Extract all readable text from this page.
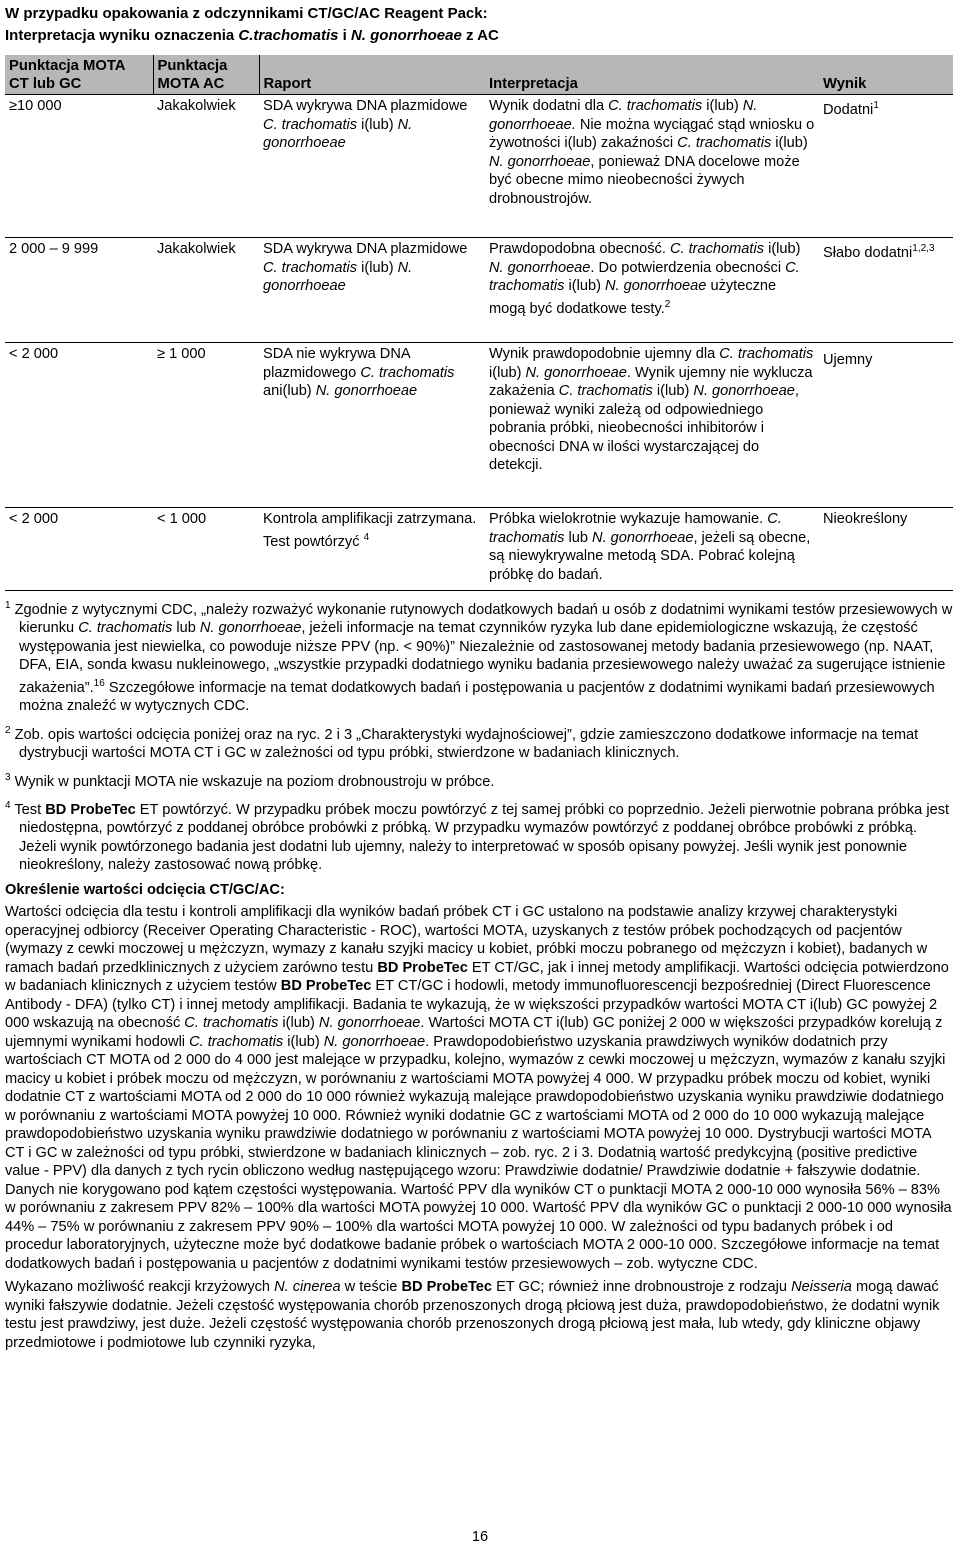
W przypadku opakowania z odczynnikami CT/GC/AC Reagent Pack:
Interpretacja wyniku oznaczenia C.trachomatis i N. gonorrhoeae z AC
Punktacja MOTA CT lub GC	Punktacja MOTA AC	Raport	Interpretacja	Wynik
≥10 000	Jakakolwiek	SDA wykrywa DNA plazmidowe C. trachomatis i(lub) N. gonorrhoeae	Wynik dodatni dla C. trachomatis i(lub) N. gonorrhoeae. Nie można wyciągać stąd wniosku o żywotności i(lub) zakaźności C. trachomatis i(lub) N. gonorrhoeae, ponieważ DNA docelowe może być obecne mimo nieobecności żywych drobnoustrojów.	Dodatni$^1$
2 000 – 9 999	Jakakolwiek	SDA wykrywa DNA plazmidowe C. trachomatis i(lub) N. gonorrhoeae	Prawdopodobna obecność. C. trachomatis i(lub) N. gonorrhoeae. Do potwierdzenia obecności C. trachomatis i(lub) N. gonorrhoeae użyteczne mogą być dodatkowe testy.$^2$	Słabo dodatni$^{1,2,3}$
< 2 000	≥ 1 000	SDA nie wykrywa DNA plazmidowego C. trachomatis ani(lub) N. gonorrhoeae	Wynik prawdopodobnie ujemny dla C. trachomatis i(lub) N. gonorrhoeae. Wynik ujemny nie wyklucza zakażenia C. trachomatis i(lub) N. gonorrhoeae, ponieważ wyniki zależą od odpowiedniego pobrania próbki, nieobecności inhibitorów i obecności DNA w ilości wystarczającej do detekcji.	Ujemny
< 2 000	< 1 000	Kontrola amplifikacji zatrzymana. Test powtórzyć $^4$	Próbka wielokrotnie wykazuje hamowanie. C. trachomatis lub N. gonorrhoeae, jeżeli są obecne, są niewykrywalne metodą SDA. Pobrać kolejną próbkę do badań.	Nieokreślony

$^1$ Zgodnie z wytycznymi CDC, „należy rozważyć wykonanie rutynowych dodatkowych badań u osób z dodatnimi wynikami testów przesiewowych w kierunku C. trachomatis lub N. gonorrhoeae, jeżeli informacje na temat czynników ryzyka lub dane epidemiologiczne wskazują, że częstość występowania jest niewielka, co powoduje niższe PPV (np. < 90%)” Niezależnie od zastosowanej metody badania przesiewowego (np. NAAT, DFA, EIA, sonda kwasu nukleinowego, „wszystkie przypadki dodatniego wyniku badania przesiewowego należy uważać za sugerujące istnienie zakażenia”.$^{16}$ Szczegółowe informacje na temat dodatkowych badań i postępowania u pacjentów z dodatnimi wynikami badań przesiewowych można znaleźć w wytycznych CDC.

$^2$ Zob. opis wartości odcięcia poniżej oraz na ryc. 2 i 3 „Charakterystyki wydajnościowej”, gdzie zamieszczono dodatkowe informacje na temat dystrybucji wartości MOTA CT i GC w zależności od typu próbki, stwierdzone w badaniach klinicznych.

$^3$ Wynik w punktacji MOTA nie wskazuje na poziom drobnoustroju w próbce.

$^4$ Test BD ProbeTec ET powtórzyć. W przypadku próbek moczu powtórzyć z tej samej próbki co poprzednio. Jeżeli pierwotnie pobrana próbka jest niedostępna, powtórzyć z poddanej obróbce probówki z próbką. W przypadku wymazów powtórzyć z poddanej obróbce probówki z próbką. Jeżeli wynik powtórzonego badania jest dodatni lub ujemny, należy to interpretować w sposób opisany powyżej. Jeśli wynik jest ponownie nieokreślony, należy zastosować nową próbkę.

Określenie wartości odcięcia CT/GC/AC:

Wartości odcięcia dla testu i kontroli amplifikacji dla wyników badań próbek CT i GC ustalono na podstawie analizy krzywej charakterystyki operacyjnej odbiorcy (Receiver Operating Characteristic - ROC), wartości MOTA, uzyskanych z testów próbek pochodzących od pacjentów (wymazy z cewki moczowej u mężczyzn, wymazy z kanału szyjki macicy u kobiet, próbki moczu pobranego od mężczyzn i kobiet), badanych w ramach badań przedklinicznych z użyciem zarówno testu BD ProbeTec ET CT/GC, jak i innej metody amplifikacji. Wartości odcięcia potwierdzono w badaniach klinicznych z użyciem testów BD ProbeTec ET CT/GC i hodowli, metody immunofluorescencji bezpośredniej (Direct Fluorescence Antibody - DFA) (tylko CT) i innej metody amplifikacji. Badania te wykazują, że w większości przypadków wartości MOTA CT i(lub) GC powyżej 2 000 wskazują na obecność C. trachomatis i(lub) N. gonorrhoeae. Wartości MOTA CT i(lub) GC poniżej 2 000 w większości przypadków korelują z ujemnymi wynikami hodowli C. trachomatis i(lub) N. gonorrhoeae. Prawdopodobieństwo uzyskania prawdziwych wyników dodatnich przy wartościach CT MOTA od 2 000 do 4 000 jest malejące w przypadku, kolejno, wymazów z cewki moczowej u mężczyzn, wymazów z kanału szyjki macicy u kobiet i próbek moczu od mężczyzn, w porównaniu z wartościami MOTA powyżej 4 000. W przypadku próbek moczu od kobiet, wyniki dodatnie CT z wartościami MOTA od 2 000 do 10 000 również wykazują malejące prawdopodobieństwo uzyskania wyniku prawdziwie dodatniego w porównaniu z wartościami MOTA powyżej 10 000. Również wyniki dodatnie GC z wartościami MOTA od 2 000 do 10 000 wykazują malejące prawdopodobieństwo uzyskania wyniku prawdziwie dodatniego w porównaniu z wartościami MOTA powyżej 10 000. Dystrybucji wartości MOTA CT i GC w zależności od typu próbki, stwierdzone w badaniach klinicznych – zob. ryc. 2 i 3. Dodatnią wartość predykcyjną (positive predictive value - PPV) dla danych z tych rycin obliczono według następującego wzoru: Prawdziwie dodatnie/ Prawdziwie dodatnie + fałszywie dodatnie. Danych nie korygowano pod kątem częstości występowania. Wartość PPV dla wyników CT o punktacji MOTA 2 000-10 000 wynosiła 56% – 83% w porównaniu z zakresem PPV 82% – 100% dla wartości MOTA powyżej 10 000. Wartość PPV dla wyników GC o punktacji 2 000-10 000 wynosiła 44% – 75% w porównaniu z zakresem PPV 90% – 100% dla wartości MOTA powyżej 10 000. W zależności od typu badanych próbek i od procedur laboratoryjnych, użyteczne może być dodatkowe badanie próbek o wartościach MOTA 2 000-10 000. Szczegółowe informacje na temat dodatkowych badań i postępowania u pacjentów z dodatnimi wynikami testów przesiewowych – zob. wytyczne CDC.

Wykazano możliwość reakcji krzyżowych N. cinerea w teście BD ProbeTec ET GC; również inne drobnoustroje z rodzaju Neisseria mogą dawać wyniki fałszywie dodatnie. Jeżeli częstość występowania chorób przenoszonych drogą płciową jest duża, prawdopodobieństwo, że dodatni wynik testu jest prawdziwy, jest duże. Jeżeli częstość występowania chorób przenoszonych drogą płciową jest mała, lub wtedy, gdy kliniczne objawy przedmiotowe i podmiotowe lub czynniki ryzyka,

16
